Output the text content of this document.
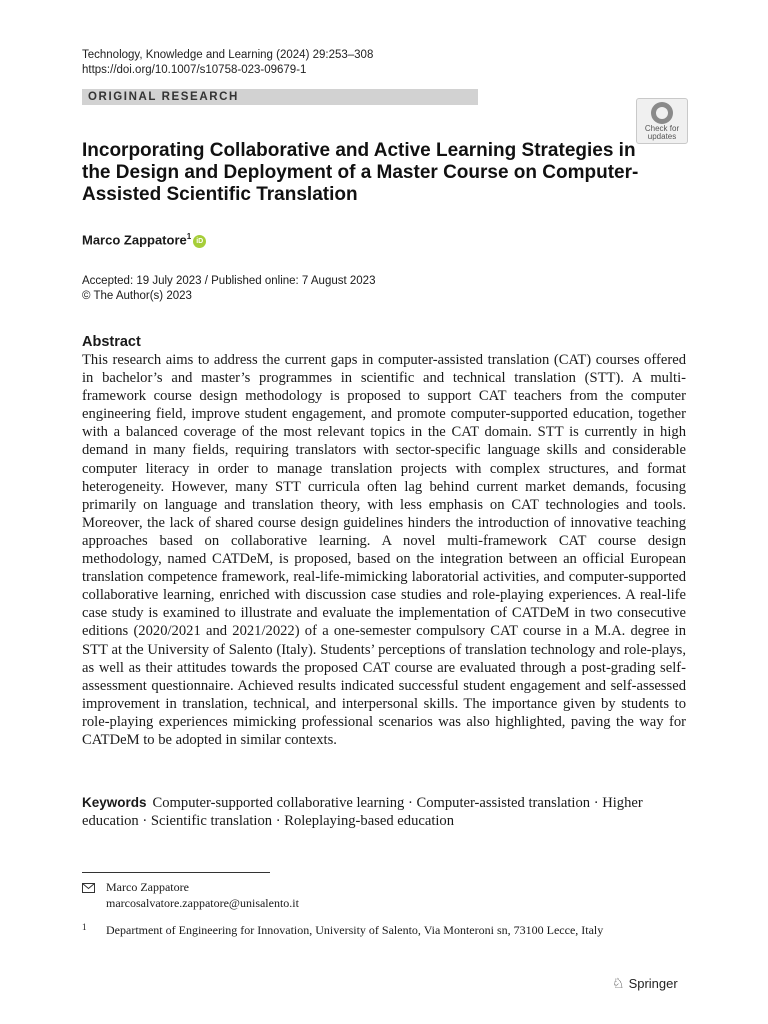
Technology, Knowledge and Learning (2024) 29:253–308
https://doi.org/10.1007/s10758-023-09679-1
ORIGINAL RESEARCH
Check for updates
Incorporating Collaborative and Active Learning Strategies in the Design and Deployment of a Master Course on Computer-Assisted Scientific Translation
Marco Zappatore$^1$iD
Accepted: 19 July 2023 / Published online: 7 August 2023
© The Author(s) 2023
Abstract
This research aims to address the current gaps in computer-assisted translation (CAT) courses offered in bachelor’s and master’s programmes in scientific and technical translation (STT). A multi-framework course design methodology is proposed to support CAT teachers from the computer engineering field, improve student engagement, and promote computer-supported education, together with a balanced coverage of the most relevant topics in the CAT domain. STT is currently in high demand in many fields, requiring translators with sector-specific language skills and considerable computer literacy in order to manage translation projects with complex structures, and format heterogeneity. However, many STT curricula often lag behind current market demands, focusing primarily on language and translation theory, with less emphasis on CAT technologies and tools. Moreover, the lack of shared course design guidelines hinders the introduction of innovative teaching approaches based on collaborative learning. A novel multi-framework CAT course design methodology, named CATDeM, is proposed, based on the integration between an official European translation competence framework, real-life-mimicking laboratorial activities, and computer-supported collaborative learning, enriched with discussion case studies and role-playing experiences. A real-life case study is examined to illustrate and evaluate the implementation of CATDeM in two consecutive editions (2020/2021 and 2021/2022) of a one-semester compulsory CAT course in a M.A. degree in STT at the University of Salento (Italy). Students’ perceptions of translation technology and role-plays, as well as their attitudes towards the proposed CAT course are evaluated through a post-grading self-assessment questionnaire. Achieved results indicated successful student engagement and self-assessed improvement in translation, technical, and interpersonal skills. The importance given by students to role-playing experiences mimicking professional scenarios was also highlighted, paving the way for CATDeM to be adopted in similar contexts.
Keywords Computer-supported collaborative learning · Computer-assisted translation · Higher education · Scientific translation · Roleplaying-based education
Marco Zappatore
marcosalvatore.zappatore@unisalento.it
1 Department of Engineering for Innovation, University of Salento, Via Monteroni sn, 73100 Lecce, Italy
♘ Springer
